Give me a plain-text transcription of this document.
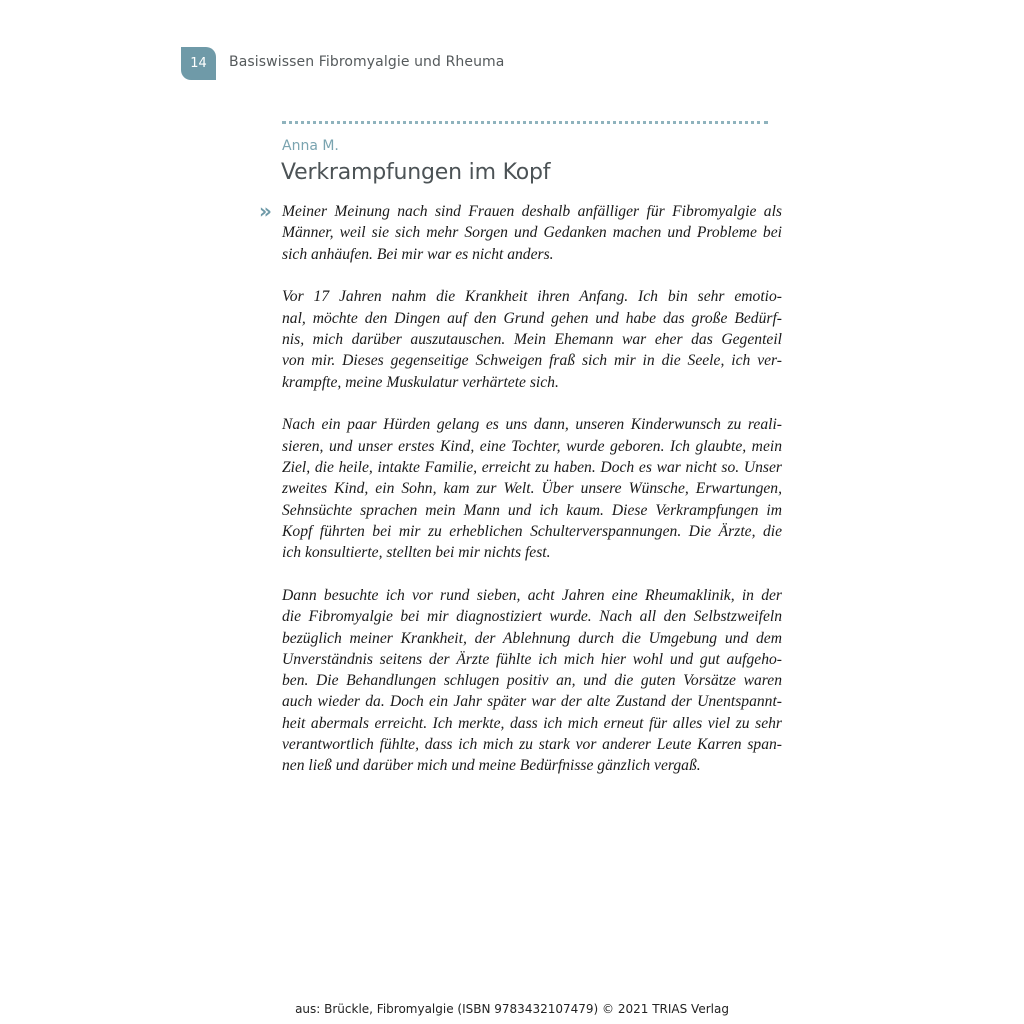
14	Basiswissen Fibromyalgie und Rheuma
Anna M.
Verkrampfungen im Kopf
» Meiner Meinung nach sind Frauen deshalb anfälliger für Fibromyalgie als
Männer, weil sie sich mehr Sorgen und Gedanken machen und Probleme bei
sich anhäufen. Bei mir war es nicht anders.

Vor 17 Jahren nahm die Krankheit ihren Anfang. Ich bin sehr emotio-
nal, möchte den Dingen auf den Grund gehen und habe das große Bedürf-
nis, mich darüber auszutauschen. Mein Ehemann war eher das Gegenteil
von mir. Dieses gegenseitige Schweigen fraß sich mir in die Seele, ich ver-
krampfte, meine Muskulatur verhärtete sich.

Nach ein paar Hürden gelang es uns dann, unseren Kinderwunsch zu reali-
sieren, und unser erstes Kind, eine Tochter, wurde geboren. Ich glaubte, mein
Ziel, die heile, intakte Familie, erreicht zu haben. Doch es war nicht so. Unser
zweites Kind, ein Sohn, kam zur Welt. Über unsere Wünsche, Erwartungen,
Sehnsüchte sprachen mein Mann und ich kaum. Diese Verkrampfungen im
Kopf führten bei mir zu erheblichen Schulterverspannungen. Die Ärzte, die
ich konsultierte, stellten bei mir nichts fest.

Dann besuchte ich vor rund sieben, acht Jahren eine Rheumaklinik, in der
die Fibromyalgie bei mir diagnostiziert wurde. Nach all den Selbstzweifeln
bezüglich meiner Krankheit, der Ablehnung durch die Umgebung und dem
Unverständnis seitens der Ärzte fühlte ich mich hier wohl und gut aufgeho-
ben. Die Behandlungen schlugen positiv an, und die guten Vorsätze waren
auch wieder da. Doch ein Jahr später war der alte Zustand der Unentspannt-
heit abermals erreicht. Ich merkte, dass ich mich erneut für alles viel zu sehr
verantwortlich fühlte, dass ich mich zu stark vor anderer Leute Karren span-
nen ließ und darüber mich und meine Bedürfnisse gänzlich vergaß.

aus: Brückle, Fibromyalgie (ISBN 9783432107479) © 2021 TRIAS Verlag
